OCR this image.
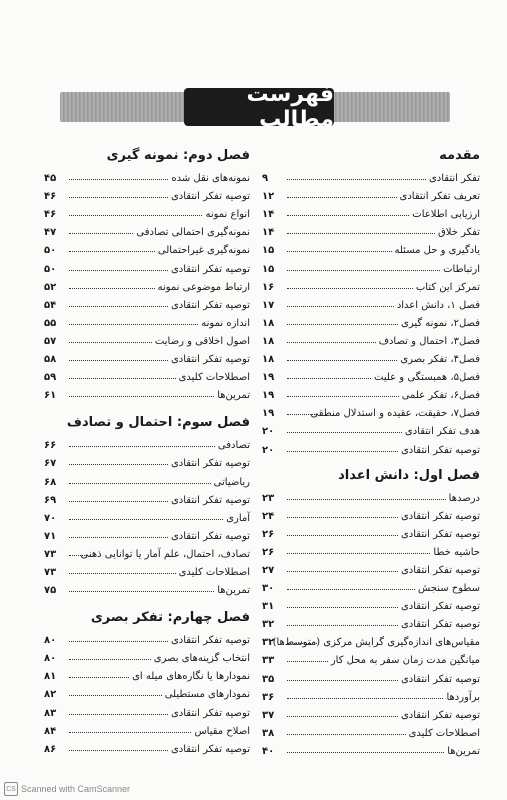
فهرست مطالب
مقدمه
تفکر انتقادی
۹
تعریف تفکر انتقادی
۱۲
ارزیابی اطلاعات
۱۴
تفکر خلاق
۱۴
یادگیری و حل مسئله
۱۵
ارتباطات
۱۵
تمرکز این کتاب
۱۶
فصل ۱، دانش اعداد
۱۷
فصل۲، نمونه گیری
۱۸
فصل۳، احتمال و تصادف
۱۸
فصل۴، تفکر بصری
۱۸
فصل۵، همبستگی و علیت
۱۹
فصل۶، تفکر علمی
۱۹
فصل۷، حقیقت، عقیده و استدلال منطقی
۱۹
هدف تفکر انتقادی
۲۰
توصیه تفکر انتقادی
۲۰
فصل اول: دانش اعداد
درصدها
۲۳
توصیه تفکر انتقادی
۲۴
توصیه تفکر انتقادی
۲۶
حاشیه خطا
۲۶
توصیه تفکر انتقادی
۲۷
سطوح سنجش
۳۰
توصیه تفکر انتقادی
۳۱
توصیه تفکر انتقادی
۳۲
مقیاس‌های اندازه‌گیری گرایش مرکزی (متوسط‌ها)
۳۲
میانگین مدت زمان سفر به محل کار
۳۳
توصیه تفکر انتقادی
۳۵
برآوردها
۳۶
توصیه تفکر انتقادی
۳۷
اصطلاحات کلیدی
۳۸
تمرین‌ها
۴۰
فصل دوم: نمونه گیری
نمونه‌های نقل شده
۴۵
توصیه تفکر انتقادی
۴۶
انواع نمونه
۴۶
نمونه‌گیری احتمالی تصادفی
۴۷
نمونه‌گیری غیراحتمالی
۵۰
توصیه تفکر انتقادی
۵۰
ارتباط موضوعی نمونه
۵۲
توصیه تفکر انتقادی
۵۴
اندازه نمونه
۵۵
اصول اخلاقی و رضایت
۵۷
توصیه تفکر انتقادی
۵۸
اصطلاحات کلیدی
۵۹
تمرین‌ها
۶۱
فصل سوم: احتمال و تصادف
تصادفی
۶۶
توصیه تفکر انتقادی
۶۷
ریاضیاتی
۶۸
توصیه تفکر انتقادی
۶۹
آماری
۷۰
توصیه تفکر انتقادی
۷۱
تصادف، احتمال، علم آمار یا توانایی ذهنی
۷۳
اصطلاحات کلیدی
۷۳
تمرین‌ها
۷۵
فصل چهارم: تفکر بصری
توصیه تفکر انتقادی
۸۰
انتخاب گزینه‌های بصری
۸۰
نمودارها یا نگاره‌های میله ای
۸۱
نمودارهای مستطیلی
۸۲
توصیه تفکر انتقادی
۸۳
اصلاح مقیاس
۸۴
توصیه تفکر انتقادی
۸۶
CS Scanned with CamScanner
